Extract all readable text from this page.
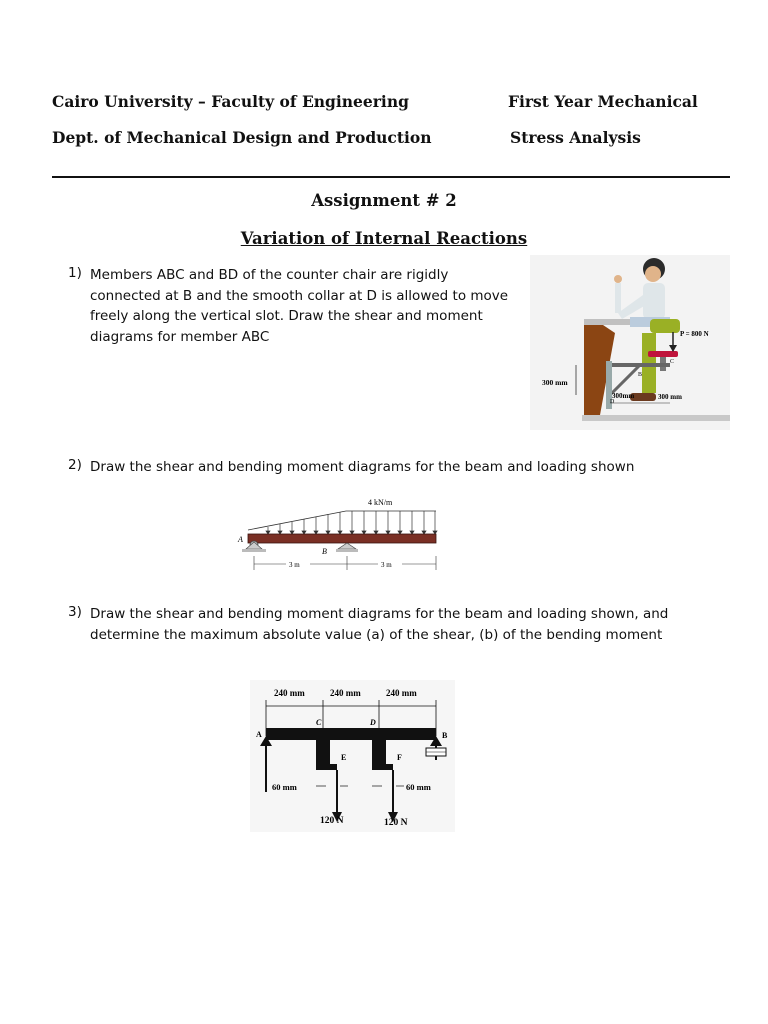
Cairo University – Faculty of Engineering
Dept. of Mechanical Design and Production
First Year Mechanical
Stress Analysis
Assignment # 2
Variation of Internal Reactions
1) Members ABC and BD of the counter chair are rigidly connected at B and the smooth collar at D is allowed to move freely along the vertical slot. Draw the shear and moment diagrams for member ABC	P = 800 N
300 mm
300mm	300 mm
D
B
C
2) Draw the shear and bending moment diagrams for the beam and loading shown
4 kN/m
A
B
3 m	3 m
3) Draw the shear and bending moment diagrams for the beam and loading shown, and determine the maximum absolute value (a) of the shear, (b) of the bending moment
240 mm	240 mm	240 mm
A	B
C	D
E	F
60 mm	60 mm
120 N	120 N
